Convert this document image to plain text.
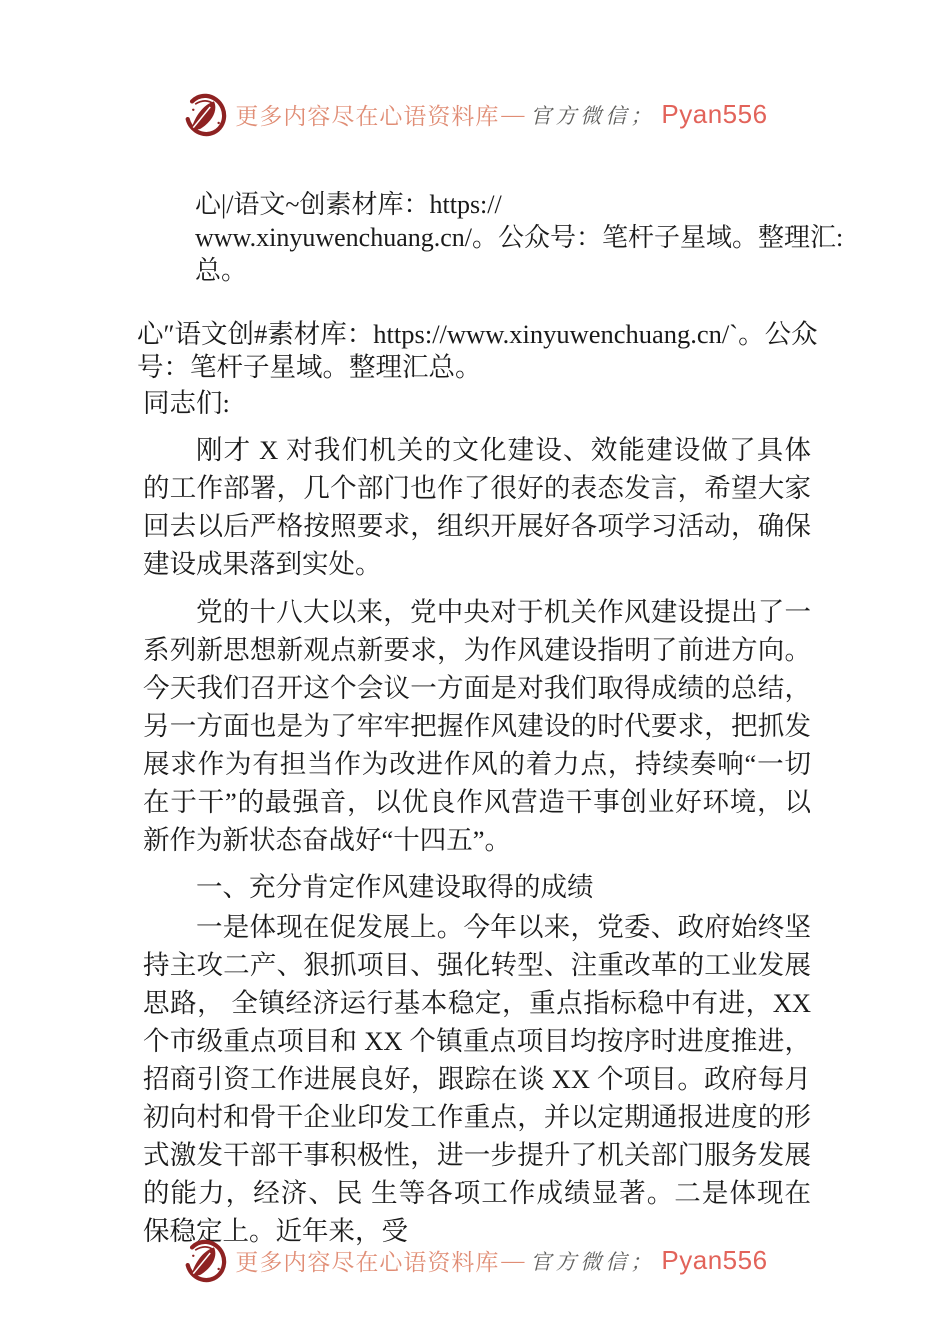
更多内容尽在心语资料库 — 官方微信； Pyan556
心|/语文~创素材库：https://
www.xinyuwenchuang.cn/。公众号：笔杆子星域。整理汇:
总。
心″语文创#素材库：https://www.xinyuwenchuang.cn/`。公众
号：笔杆子星域。整理汇总。

同志们:

刚才 X 对我们机关的文化建设、效能建设做了具体的工作部署，几个部门也作了很好的表态发言，希望大家回去以后严格按照要求，组织开展好各项学习活动，确保建设成果落到实处。

党的十八大以来，党中央对于机关作风建设提出了一系列新思想新观点新要求，为作风建设指明了前进方向。今天我们召开这个会议一方面是对我们取得成绩的总结，另一方面也是为了牢牢把握作风建设的时代要求，把抓发展求作为有担当作为改进作风的着力点，持续奏响“一切在于干”的最强音，以优良作风营造干事创业好环境，以新作为新状态奋战好“十四五”。

一、充分肯定作风建设取得的成绩

一是体现在促发展上。今年以来，党委、政府始终坚持主攻二产、狠抓项目、强化转型、注重改革的工业发展思路， 全镇经济运行基本稳定，重点指标稳中有进，XX 个市级重点项目和 XX 个镇重点项目均按序时进度推进，招商引资工作进展良好，跟踪在谈 XX 个项目。政府每月初向村和骨干企业印发工作重点，并以定期通报进度的形式激发干部干事积极性，进一步提升了机关部门服务发展的能力，经济、民 生等各项工作成绩显著。二是体现在保稳定上。近年来，受

更多内容尽在心语资料库 — 官方微信； Pyan556
